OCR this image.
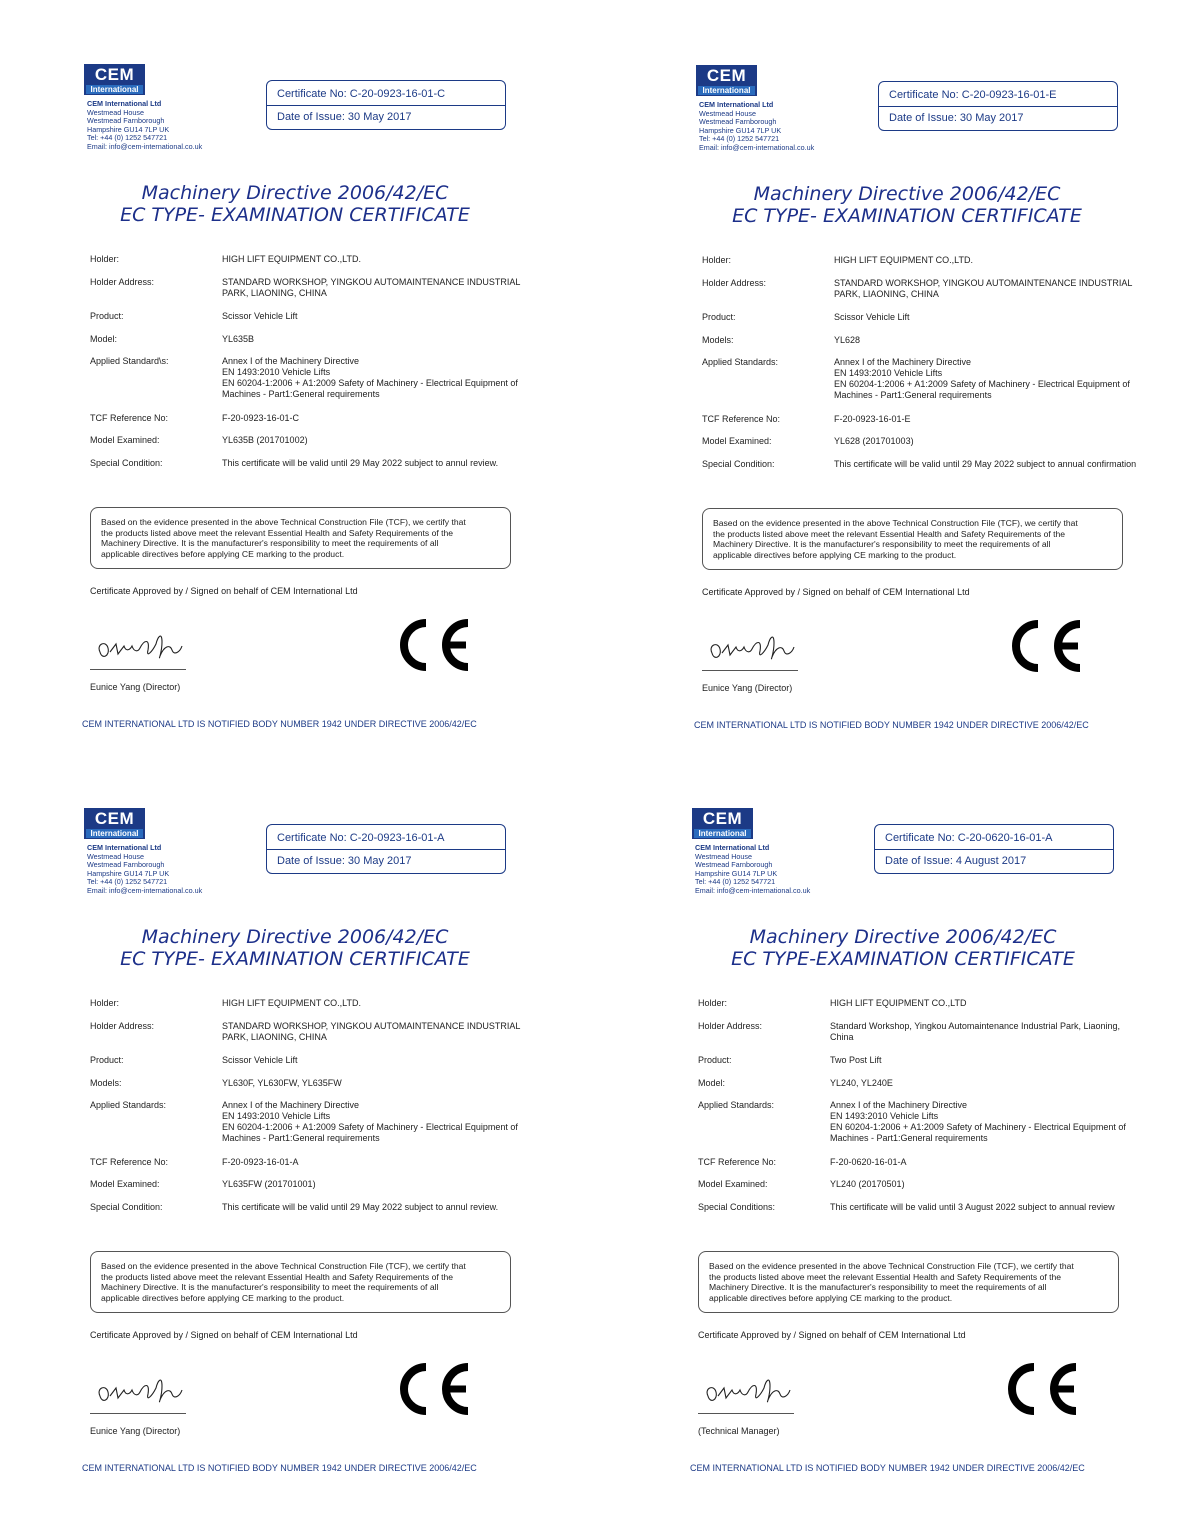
CEM
International
CEM International Ltd
Westmead House
Westmead Farnborough
Hampshire GU14 7LP UK
Tel: +44 (0) 1252 547721
Email: info@cem-international.co.uk
Certificate No: C-20-0923-16-01-C
Date of Issue: 30 May 2017
Machinery Directive 2006/42/EC
EC TYPE- EXAMINATION CERTIFICATE
Holder:	HIGH LIFT EQUIPMENT CO.,LTD.
Holder Address:	STANDARD WORKSHOP, YINGKOU AUTOMAINTENANCE INDUSTRIAL
PARK, LIAONING, CHINA
Product:	Scissor Vehicle Lift
Model:	YL635B
Applied Standard\s:	Annex I of the Machinery Directive
EN 1493:2010 Vehicle Lifts
EN 60204-1:2006 + A1:2009 Safety of Machinery - Electrical Equipment of
Machines - Part1:General requirements
TCF Reference No:	F-20-0923-16-01-C
Model Examined:	YL635B (201701002)
Special Condition:	This certificate will be valid until 29 May 2022 subject to annul review.
Based on the evidence presented in the above Technical Construction File (TCF), we certify that
the products listed above meet the relevant Essential Health and Safety Requirements of the
Machinery Directive. It is the manufacturer's responsibility to meet the requirements of all
applicable directives before applying CE marking to the product.
Certificate Approved by / Signed on behalf of CEM International Ltd
Eunice Yang (Director)
CEM INTERNATIONAL LTD IS NOTIFIED BODY NUMBER 1942 UNDER DIRECTIVE 2006/42/EC
CEM
International
CEM International Ltd
Westmead House
Westmead Farnborough
Hampshire GU14 7LP UK
Tel: +44 (0) 1252 547721
Email: info@cem-international.co.uk
Certificate No: C-20-0923-16-01-E
Date of Issue: 30 May 2017
Machinery Directive 2006/42/EC
EC TYPE- EXAMINATION CERTIFICATE
Holder:	HIGH LIFT EQUIPMENT CO.,LTD.
Holder Address:	STANDARD WORKSHOP, YINGKOU AUTOMAINTENANCE INDUSTRIAL
PARK, LIAONING, CHINA
Product:	Scissor Vehicle Lift
Models:	YL628
Applied Standards:	Annex I of the Machinery Directive
EN 1493:2010 Vehicle Lifts
EN 60204-1:2006 + A1:2009 Safety of Machinery - Electrical Equipment of
Machines - Part1:General requirements
TCF Reference No:	F-20-0923-16-01-E
Model Examined:	YL628 (201701003)
Special Condition:	This certificate will be valid until 29 May 2022 subject to annual confirmation
Based on the evidence presented in the above Technical Construction File (TCF), we certify that
the products listed above meet the relevant Essential Health and Safety Requirements of the
Machinery Directive. It is the manufacturer's responsibility to meet the requirements of all
applicable directives before applying CE marking to the product.
Certificate Approved by / Signed on behalf of CEM International Ltd
Eunice Yang (Director)
CEM INTERNATIONAL LTD IS NOTIFIED BODY NUMBER 1942 UNDER DIRECTIVE 2006/42/EC
CEM
International
CEM International Ltd
Westmead House
Westmead Farnborough
Hampshire GU14 7LP UK
Tel: +44 (0) 1252 547721
Email: info@cem-international.co.uk
Certificate No: C-20-0923-16-01-A
Date of Issue: 30 May 2017
Machinery Directive 2006/42/EC
EC TYPE- EXAMINATION CERTIFICATE
Holder:	HIGH LIFT EQUIPMENT CO.,LTD.
Holder Address:	STANDARD WORKSHOP, YINGKOU AUTOMAINTENANCE INDUSTRIAL
PARK, LIAONING, CHINA
Product:	Scissor Vehicle Lift
Models:	YL630F, YL630FW, YL635FW
Applied Standards:	Annex I of the Machinery Directive
EN 1493:2010 Vehicle Lifts
EN 60204-1:2006 + A1:2009 Safety of Machinery - Electrical Equipment of
Machines - Part1:General requirements
TCF Reference No:	F-20-0923-16-01-A
Model Examined:	YL635FW (201701001)
Special Condition:	This certificate will be valid until 29 May 2022 subject to annul review.
Based on the evidence presented in the above Technical Construction File (TCF), we certify that
the products listed above meet the relevant Essential Health and Safety Requirements of the
Machinery Directive. It is the manufacturer's responsibility to meet the requirements of all
applicable directives before applying CE marking to the product.
Certificate Approved by / Signed on behalf of CEM International Ltd
Eunice Yang (Director)
CEM INTERNATIONAL LTD IS NOTIFIED BODY NUMBER 1942 UNDER DIRECTIVE 2006/42/EC
CEM
International
CEM International Ltd
Westmead House
Westmead Farnborough
Hampshire GU14 7LP UK
Tel: +44 (0) 1252 547721
Email: info@cem-international.co.uk
Certificate No: C-20-0620-16-01-A
Date of Issue: 4 August 2017
Machinery Directive 2006/42/EC
EC TYPE-EXAMINATION CERTIFICATE
Holder:	HIGH LIFT EQUIPMENT CO.,LTD
Holder Address:	Standard Workshop, Yingkou Automaintenance Industrial Park, Liaoning,
China
Product:	Two Post Lift
Model:	YL240, YL240E
Applied Standards:	Annex I of the Machinery Directive
EN 1493:2010 Vehicle Lifts
EN 60204-1:2006 + A1:2009 Safety of Machinery - Electrical Equipment of
Machines - Part1:General requirements
TCF Reference No:	F-20-0620-16-01-A
Model Examined:	YL240 (20170501)
Special Conditions:	This certificate will be valid until 3 August 2022 subject to annual review
Based on the evidence presented in the above Technical Construction File (TCF), we certify that
the products listed above meet the relevant Essential Health and Safety Requirements of the
Machinery Directive. It is the manufacturer's responsibility to meet the requirements of all
applicable directives before applying CE marking to the product.
Certificate Approved by / Signed on behalf of CEM International Ltd
(Technical Manager)
CEM INTERNATIONAL LTD IS NOTIFIED BODY NUMBER 1942 UNDER DIRECTIVE 2006/42/EC
